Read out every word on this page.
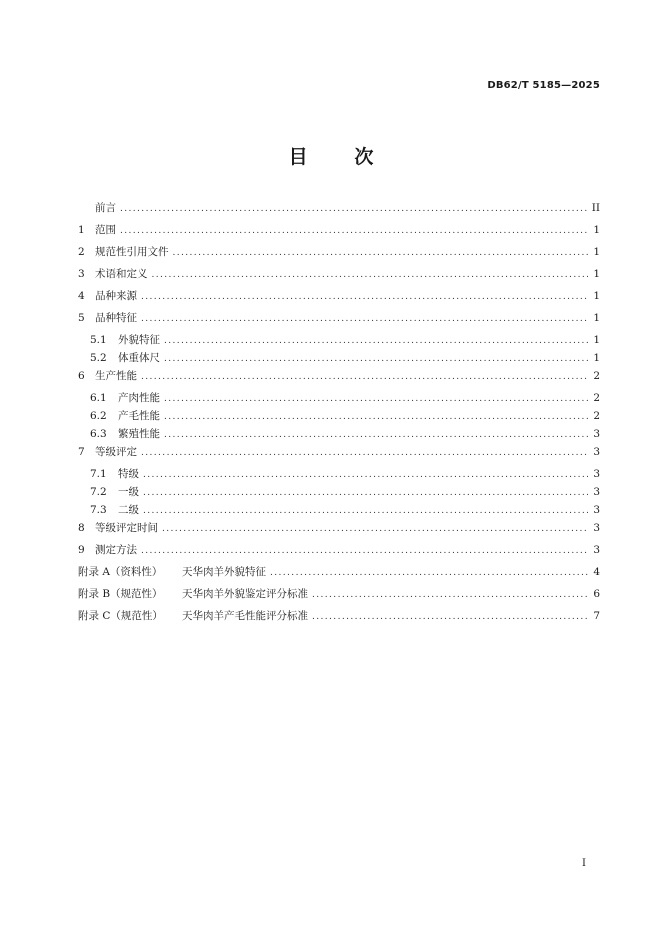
DB62/T 5185—2025
目 次
前言 .....	II
1 范围 .....	1
2 规范性引用文件 .....	1
3 术语和定义 .....	1
4 品种来源 .....	1
5 品种特征 .....	1
5.1	外貌特征 .....	1
5.2	体重体尺 .....	1
6 生产性能 .....	2
6.1	产肉性能 .....	2
6.2	产毛性能 .....	2
6.3	繁殖性能 .....	3
7 等级评定 .....	3
7.1	特级 .....	3
7.2	一级 .....	3
7.3	二级 .....	3
8 等级评定时间 .....	3
9 测定方法 .....	3
附录 A（资料性）	天华肉羊外貌特征 .....	4
附录 B（规范性）	天华肉羊外貌鉴定评分标准 .....	6
附录 C（规范性）	天华肉羊产毛性能评分标准 .....	7
I
